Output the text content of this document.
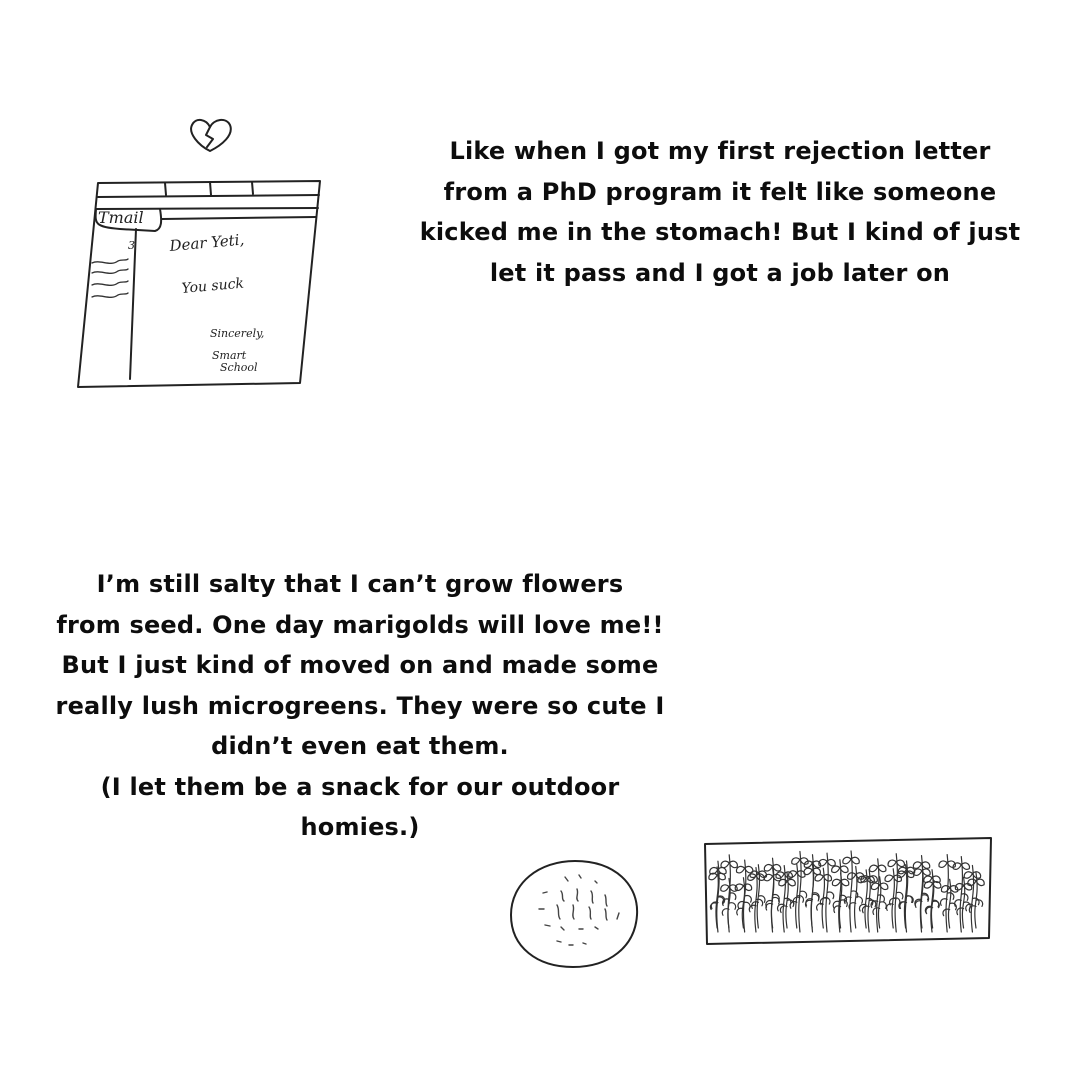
Tmail
3 Dear Yeti,
You suck
Sincerely,
Smart
School
Like when I got my first rejection letter
from a PhD program it felt like someone
kicked me in the stomach! But I kind of just
let it pass and I got a job later on
I’m still salty that I can’t grow flowers
from seed. One day marigolds will love me!!
But I just kind of moved on and made some
really lush microgreens. They were so cute I
didn’t even eat them.
(I let them be a snack for our outdoor
homies.)
